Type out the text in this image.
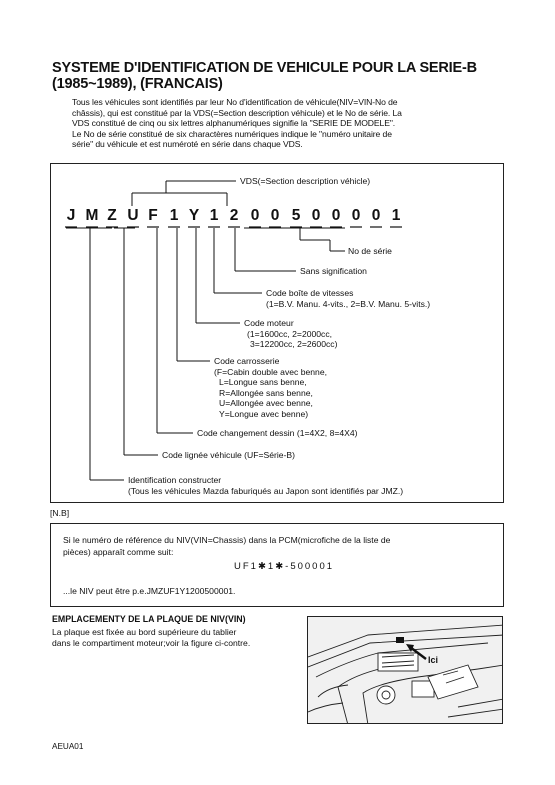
SYSTEME D'IDENTIFICATION DE VEHICULE POUR LA SERIE-B (1985~1989), (FRANCAIS)
Tous les véhicules sont identifiés par leur No d'identification de véhicule(NIV=VIN-No de
châssis), qui est constitué par la VDS(=Section description véhicule) et le No de série. La
VDS constitué de cinq ou six lettres alphanumériques signifie la "SERIE DE MODELE".
Le No de série constitué de six charactères numériques indique le "numéro unitaire de
série" du véhicule et est numéroté en série dans chaque VDS.
J M Z U F 1 Y 1 2 0 0 5 0 0 0 0 1
VDS(=Section description véhicle)
No de série
Sans signification
Code boîte de vitesses
(1=B.V. Manu. 4-vits., 2=B.V. Manu. 5-vits.)
Code moteur
(1=1600cc, 2=2000cc,
3=12200cc, 2=2600cc)
Code carrosserie
(F=Cabin double avec benne,
L=Longue sans benne,
R=Allongée sans benne,
U=Allongée avec benne,
Y=Longue avec benne)
Code changement dessin (1=4X2, 8=4X4)
Code lignée véhicule (UF=Série-B)
Identification constructer
(Tous les véhicules Mazda faburiqués au Japon sont identifiés par JMZ.)
[N.B]
Si le numéro de référence du NIV(VIN=Chassis) dans la PCM(microfiche de la liste de
pièces) apparaît comme suit:
UF1✱1✱-500001
...le NIV peut être p.e.JMZUF1Y1200500001.
EMPLACEMENTY DE LA PLAQUE DE NIV(VIN)
La plaque est fixée au bord supérieure du tablier
dans le compartiment moteur;voir la figure ci-contre.
Ici
AEUA01
